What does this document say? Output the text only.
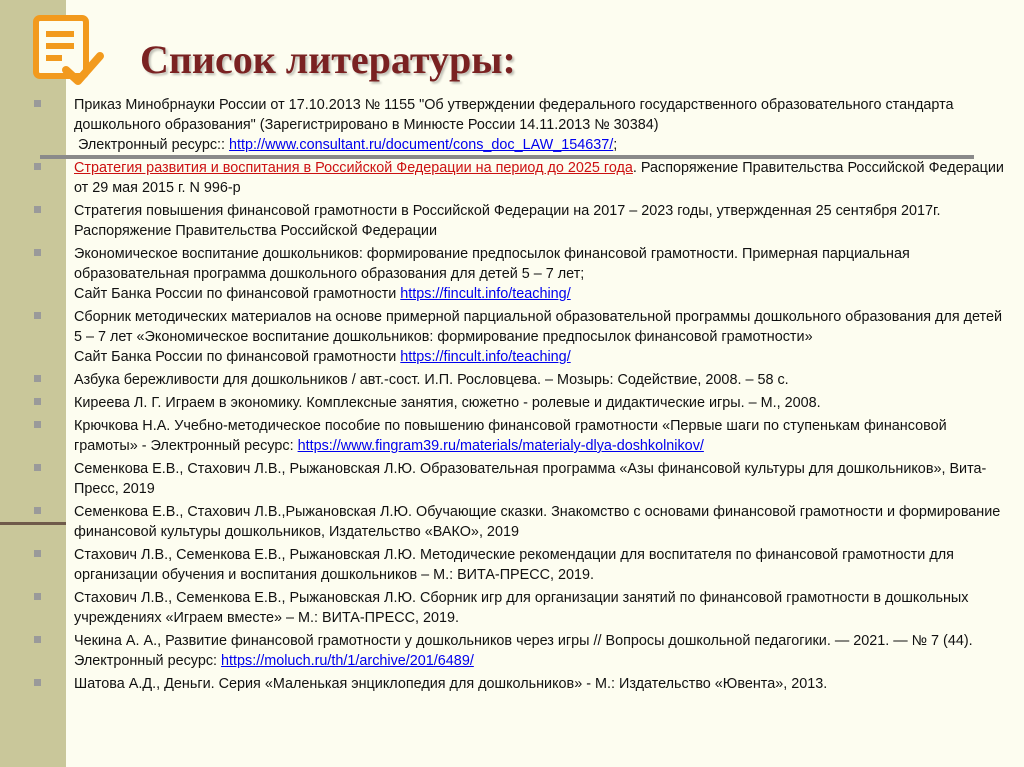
Список литературы:
Приказ Минобрнауки России от 17.10.2013 № 1155 "Об утверждении федерального государственного образовательного стандарта дошкольного образования" (Зарегистрировано в Минюсте России 14.11.2013 № 30384)
Электронный ресурс:: http://www.consultant.ru/document/cons_doc_LAW_154637/;
Стратегия развития и воспитания в Российской Федерации на период до 2025 года. Распоряжение Правительства Российской Федерации от 29 мая 2015 г. N 996-р
Стратегия повышения финансовой грамотности в Российской Федерации на 2017 – 2023 годы, утвержденная 25 сентября 2017г. Распоряжение Правительства Российской Федерации
Экономическое воспитание дошкольников: формирование предпосылок финансовой грамотности. Примерная парциальная образовательная программа дошкольного образования для детей 5 – 7 лет;
Сайт Банка России по финансовой грамотности https://fincult.info/teaching/
Сборник методических материалов на основе примерной парциальной образовательной программы дошкольного образования для детей 5 – 7 лет «Экономическое воспитание дошкольников: формирование предпосылок финансовой грамотности»
Сайт Банка России по финансовой грамотности https://fincult.info/teaching/
Азбука бережливости для дошкольников / авт.-сост. И.П. Рословцева. – Мозырь: Содействие, 2008. – 58 с.
Киреева Л. Г. Играем в экономику. Комплексные занятия, сюжетно - ролевые и дидактические игры. – М., 2008.
Крючкова Н.А. Учебно-методическое пособие по повышению финансовой грамотности «Первые шаги по ступенькам финансовой грамоты» - Электронный ресурс: https://www.fingram39.ru/materials/materialy-dlya-doshkolnikov/
Семенкова Е.В., Стахович Л.В., Рыжановская Л.Ю. Образовательная программа «Азы финансовой культуры для дошкольников», Вита-Пресс, 2019
Семенкова Е.В., Стахович Л.В.,Рыжановская Л.Ю. Обучающие сказки. Знакомство с основами финансовой грамотности и формирование финансовой культуры дошкольников, Издательство «ВАКО», 2019
Стахович Л.В., Семенкова Е.В., Рыжановская Л.Ю. Методические рекомендации для воспитателя по финансовой грамотности для организации обучения и воспитания дошкольников – М.: ВИТА-ПРЕСС, 2019.
Стахович Л.В., Семенкова Е.В., Рыжановская Л.Ю. Сборник игр для организации занятий по финансовой грамотности в дошкольных учреждениях «Играем вместе» – М.: ВИТА-ПРЕСС, 2019.
Чекина А. А., Развитие финансовой грамотности у дошкольников через игры // Вопросы дошкольной педагогики. — 2021. — № 7 (44). Электронный ресурс: https://moluch.ru/th/1/archive/201/6489/
Шатова А.Д., Деньги. Серия «Маленькая энциклопедия для дошкольников» - М.: Издательство «Ювента», 2013.
